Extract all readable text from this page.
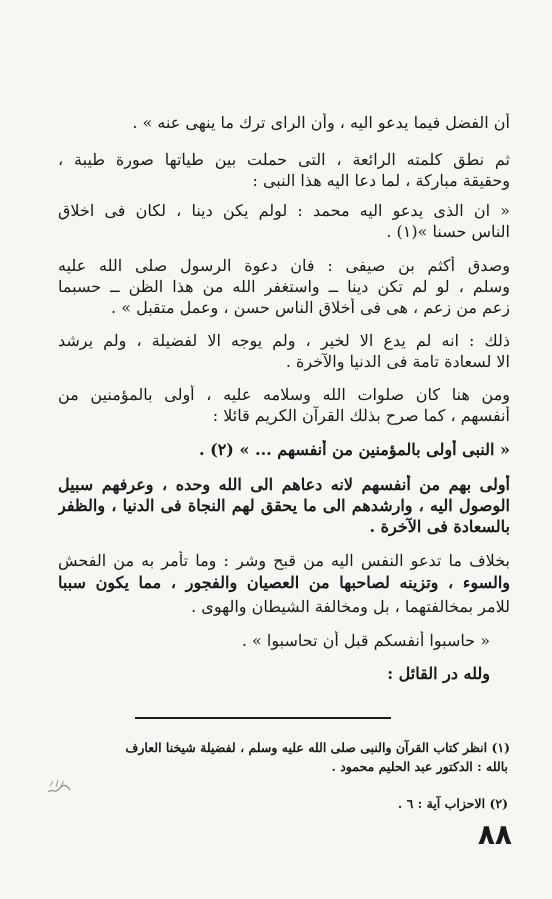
أن الفضل فيما يدعو اليه ، وأن الراى ترك ما ينهى عنه » .
ثم نطق كلمته الرائعة ، التى حملت بين طياتها صورة طيبة ،
وحقيقة مباركة ، لما دعا اليه هذا النبى :
« ان الذى يدعو اليه محمد : لولم يكن دينا ، لكان فى اخلاق
الناس حسنا »(١) .
وصدق أكثم بن صيفى : فان دعوة الرسول صلى الله عليه
وسلم ، لو لم تكن دينا ــ واستغفر الله من هذا الظن ــ حسبما
زعم من زعم ، هى فى أخلاق الناس حسن ، وعمل متقبل » .
ذلك : انه لم يدع الا لخير ، ولم يوجه الا لفضيلة ، ولم يرشد
الا لسعادة تامة فى الدنيا والآخرة .
ومن هنا كان صلوات الله وسلامه عليه ، أولى بالمؤمنين من
أنفسهم ، كما صرح بذلك القرآن الكريم قائلا :
« النبى أولى بالمؤمنين من أنفسهم ... » (٢) .
أولى بهم من أنفسهم لانه دعاهم الى الله وحده ، وعرفهم سبيل
الوصول اليه ، وارشدهم الى ما يحقق لهم النجاة فى الدنيا ، والظفر
بالسعادة فى الآخرة .
بخلاف ما تدعو النفس اليه من قبح وشر : وما تأمر به من الفحش
والسوء ، وتزينه لصاحبها من العصيان والفجور ، مما يكون سببا
للامر بمخالفتهما ، بل ومخالفة الشيطان والهوى .
« حاسبوا أنفسكم قبل أن تحاسبوا » .
ولله در القائل :
(١) انظر كتاب القرآن والنبى صلى الله عليه وسلم ، لفضيلة شيخنا العارف
بالله : الدكتور عبد الحليم محمود .
(٢) الاحزاب آية : ٦ .
٨٨
